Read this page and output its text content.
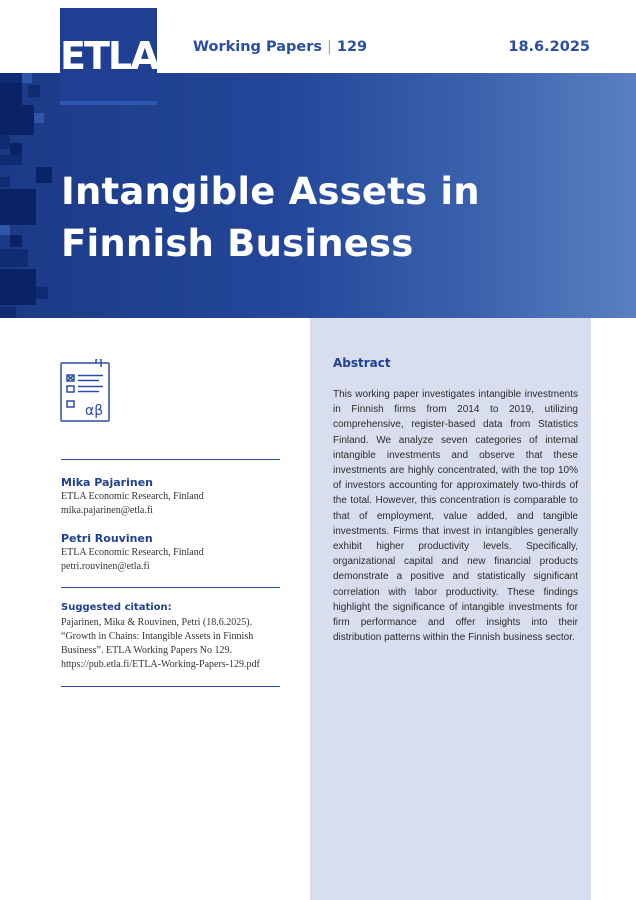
ETLA Working Papers | 129	18.6.2025
Intangible Assets in
Finnish Business
αβ

Mika Pajarinen

ETLA Economic Research, Finland

mika.pajarinen@etla.fi

Petri Rouvinen

ETLA Economic Research, Finland

petri.rouvinen@etla.fi

Suggested citation:

Pajarinen, Mika & Rouvinen, Petri (18.6.2025).

“Growth in Chains: Intangible Assets in Finnish

Business”. ETLA Working Papers No 129.

https://pub.etla.fi/ETLA-Working-Papers-129.pdf

Abstract

This working paper investigates intangible investments in Finnish firms from 2014 to 2019, utilizing comprehensive, register-based data from Statistics Finland. We analyze seven categories of internal intangible investments and observe that these investments are highly concentrated, with the top 10% of investors accounting for approximately two-thirds of the total. However, this concentration is comparable to that of employment, value added, and tangible investments. Firms that invest in intangibles generally exhibit higher productivity levels. Specifically, organizational capital and new financial products demonstrate a positive and statistically significant correlation with labor productivity. These findings highlight the significance of intangible investments for firm performance and offer insights into their distribution patterns within the Finnish business sector.
